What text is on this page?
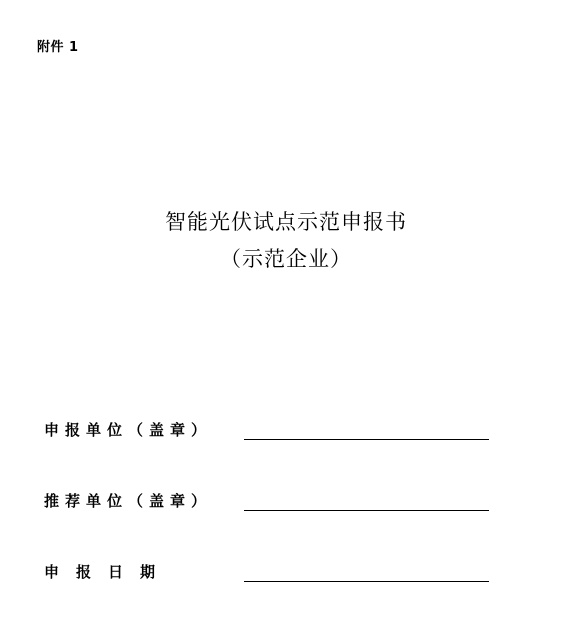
附件 1
智能光伏试点示范申报书
（示范企业）
申报单位（盖章）
推荐单位（盖章）
申报日期
